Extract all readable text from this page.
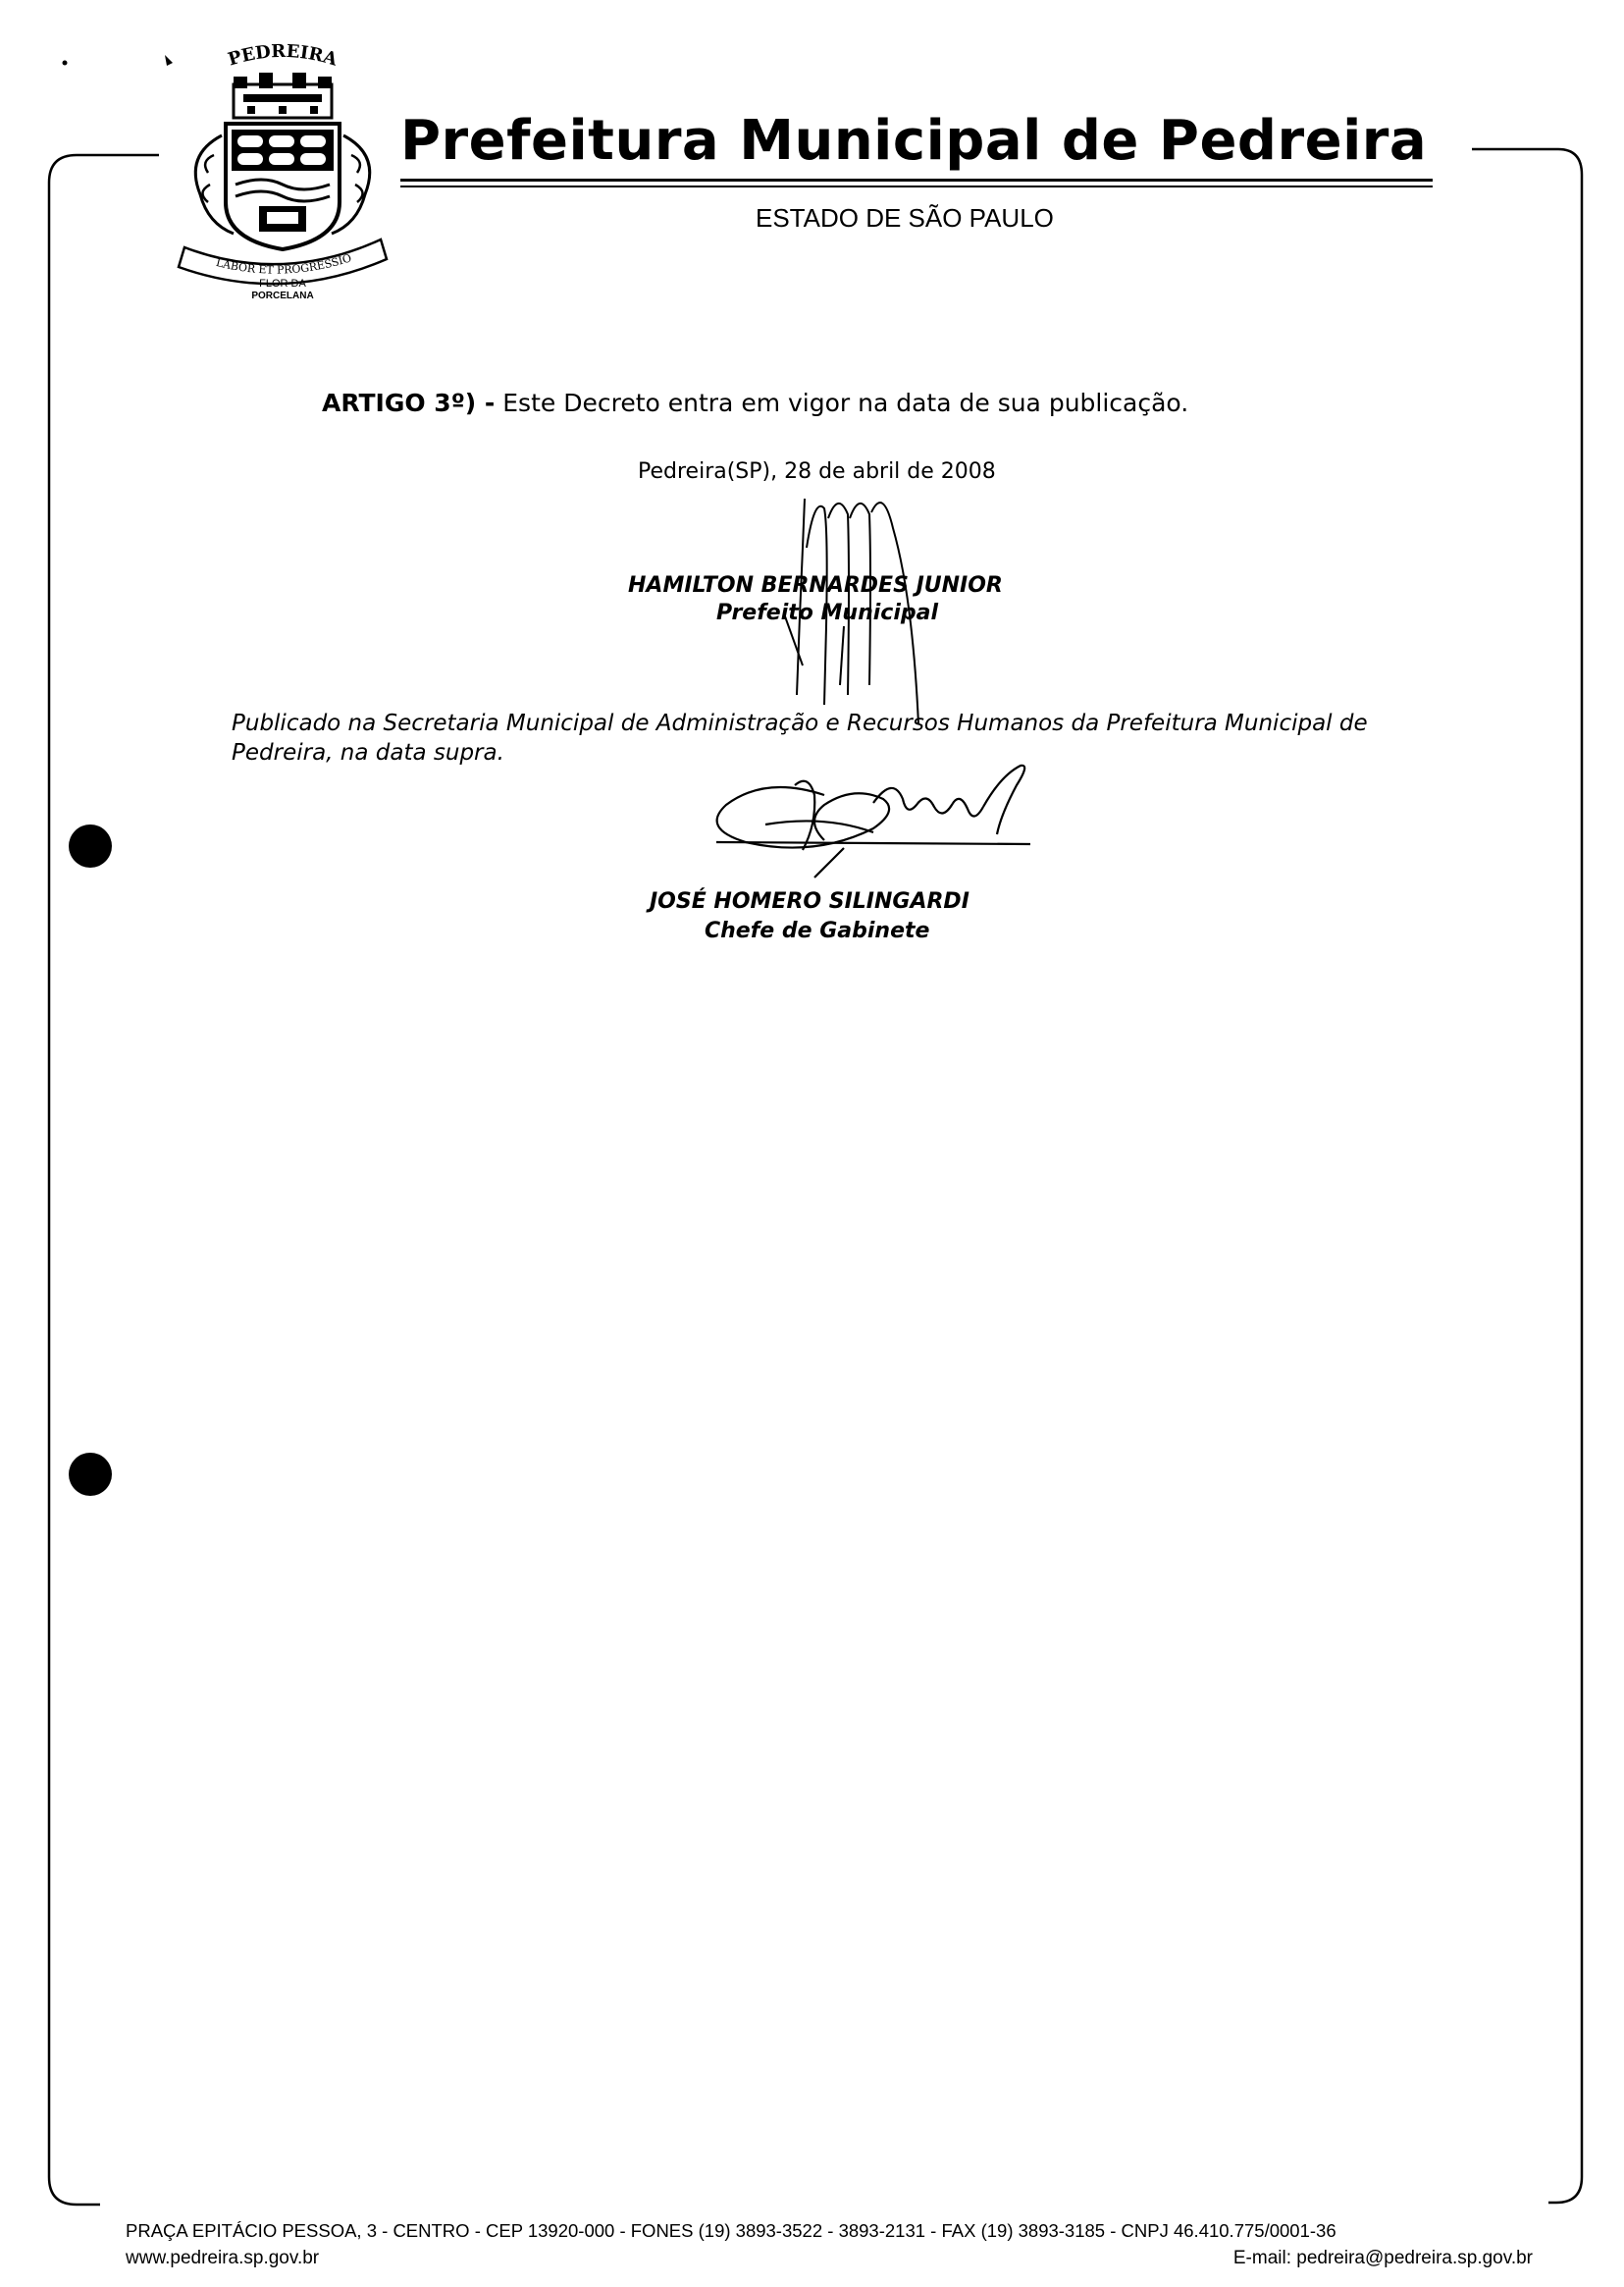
PEDREIRA
LABOR ET PROGRESSIO
FLOR DA
PORCELANA
Prefeitura Municipal de Pedreira
ESTADO DE SÃO PAULO
ARTIGO 3º) - Este Decreto entra em vigor na data de sua publicação.
Pedreira(SP), 28 de abril de 2008
HAMILTON BERNARDES JUNIOR
Prefeito Municipal
Publicado na Secretaria Municipal de Administração e Recursos Humanos da Prefeitura Municipal de Pedreira, na data supra.
JOSÉ HOMERO SILINGARDI
Chefe de Gabinete
PRAÇA EPITÁCIO PESSOA, 3 - CENTRO - CEP 13920-000 - FONES (19) 3893-3522 - 3893-2131 - FAX (19) 3893-3185 - CNPJ 46.410.775/0001-36
www.pedreira.sp.gov.br	E-mail: pedreira@pedreira.sp.gov.br
